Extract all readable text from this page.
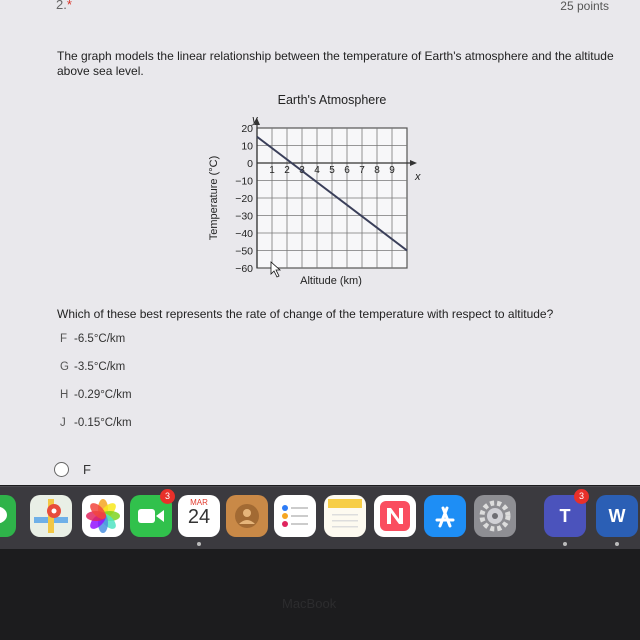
2.*	25 points
The graph models the linear relationship between the temperature of Earth's atmosphere and the altitude above sea level.
Earth's Atmosphere
1 2 3 4 5 6 7 8 9
20
10
0
−10
−20
−30
−40
−50
−60
Altitude (km)
Temperature (°C)	x
y
Which of these best represents the rate of change of the temperature with respect to altitude?
F -6.5°C/km
G -3.5°C/km
H -0.29°C/km
J -0.15°C/km
F
3
MAR
24	T
3
W
MacBook
